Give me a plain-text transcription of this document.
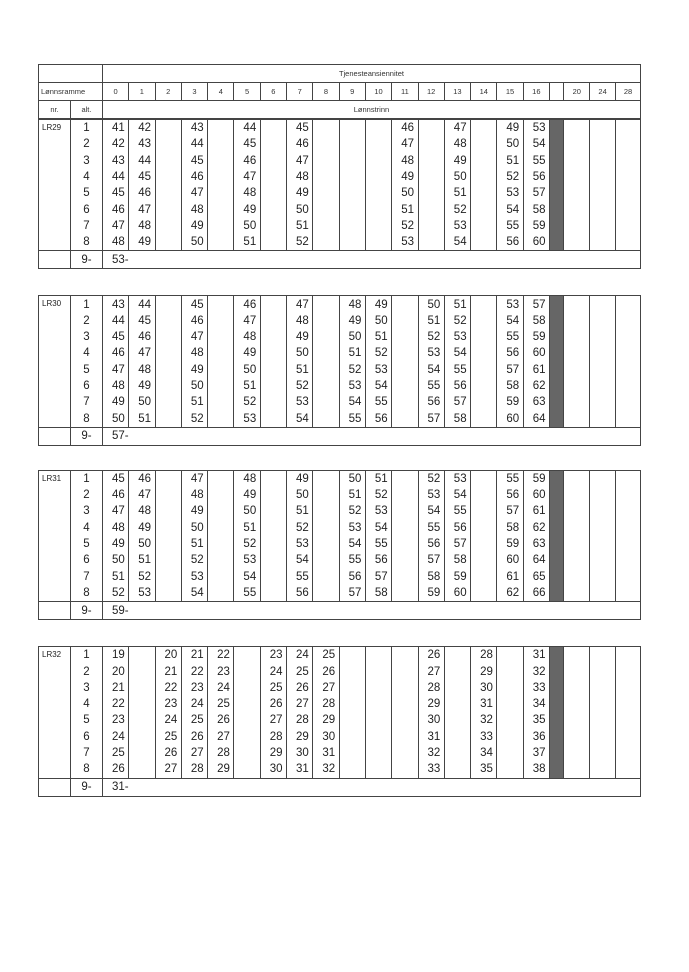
		Tjenesteansiennitet																				
Lønnsramme		0	1	2	3	4	5	6	7	8	9	10	11	12	13	14	15	16		20	24	28
nr.	alt.	Lønnstrinn																				
LR29	1	41	42		43		44		45				46		47		49	53				
	2	42	43		44		45		46				47		48		50	54				
	3	43	44		45		46		47				48		49		51	55				
	4	44	45		46		47		48				49		50		52	56				
	5	45	46		47		48		49				50		51		53	57				
	6	46	47		48		49		50				51		52		54	58				
	7	47	48		49		50		51				52		53		55	59				
	8	48	49		50		51		52				53		54		56	60				
	9-	53-																				
LR30	1	43	44		45		46		47		48	49		50	51		53	57				
	2	44	45		46		47		48		49	50		51	52		54	58				
	3	45	46		47		48		49		50	51		52	53		55	59				
	4	46	47		48		49		50		51	52		53	54		56	60				
	5	47	48		49		50		51		52	53		54	55		57	61				
	6	48	49		50		51		52		53	54		55	56		58	62				
	7	49	50		51		52		53		54	55		56	57		59	63				
	8	50	51		52		53		54		55	56		57	58		60	64				
	9-	57-																				
LR31	1	45	46		47		48		49		50	51		52	53		55	59				
	2	46	47		48		49		50		51	52		53	54		56	60				
	3	47	48		49		50		51		52	53		54	55		57	61				
	4	48	49		50		51		52		53	54		55	56		58	62				
	5	49	50		51		52		53		54	55		56	57		59	63				
	6	50	51		52		53		54		55	56		57	58		60	64				
	7	51	52		53		54		55		56	57		58	59		61	65				
	8	52	53		54		55		56		57	58		59	60		62	66				
	9-	59-																				
LR32	1	19		20	21	22		23	24	25				26		28		31				
	2	20		21	22	23		24	25	26				27		29		32				
	3	21		22	23	24		25	26	27				28		30		33				
	4	22		23	24	25		26	27	28				29		31		34				
	5	23		24	25	26		27	28	29				30		32		35				
	6	24		25	26	27		28	29	30				31		33		36				
	7	25		26	27	28		29	30	31				32		34		37				
	8	26		27	28	29		30	31	32				33		35		38				
	9-	31-																				
